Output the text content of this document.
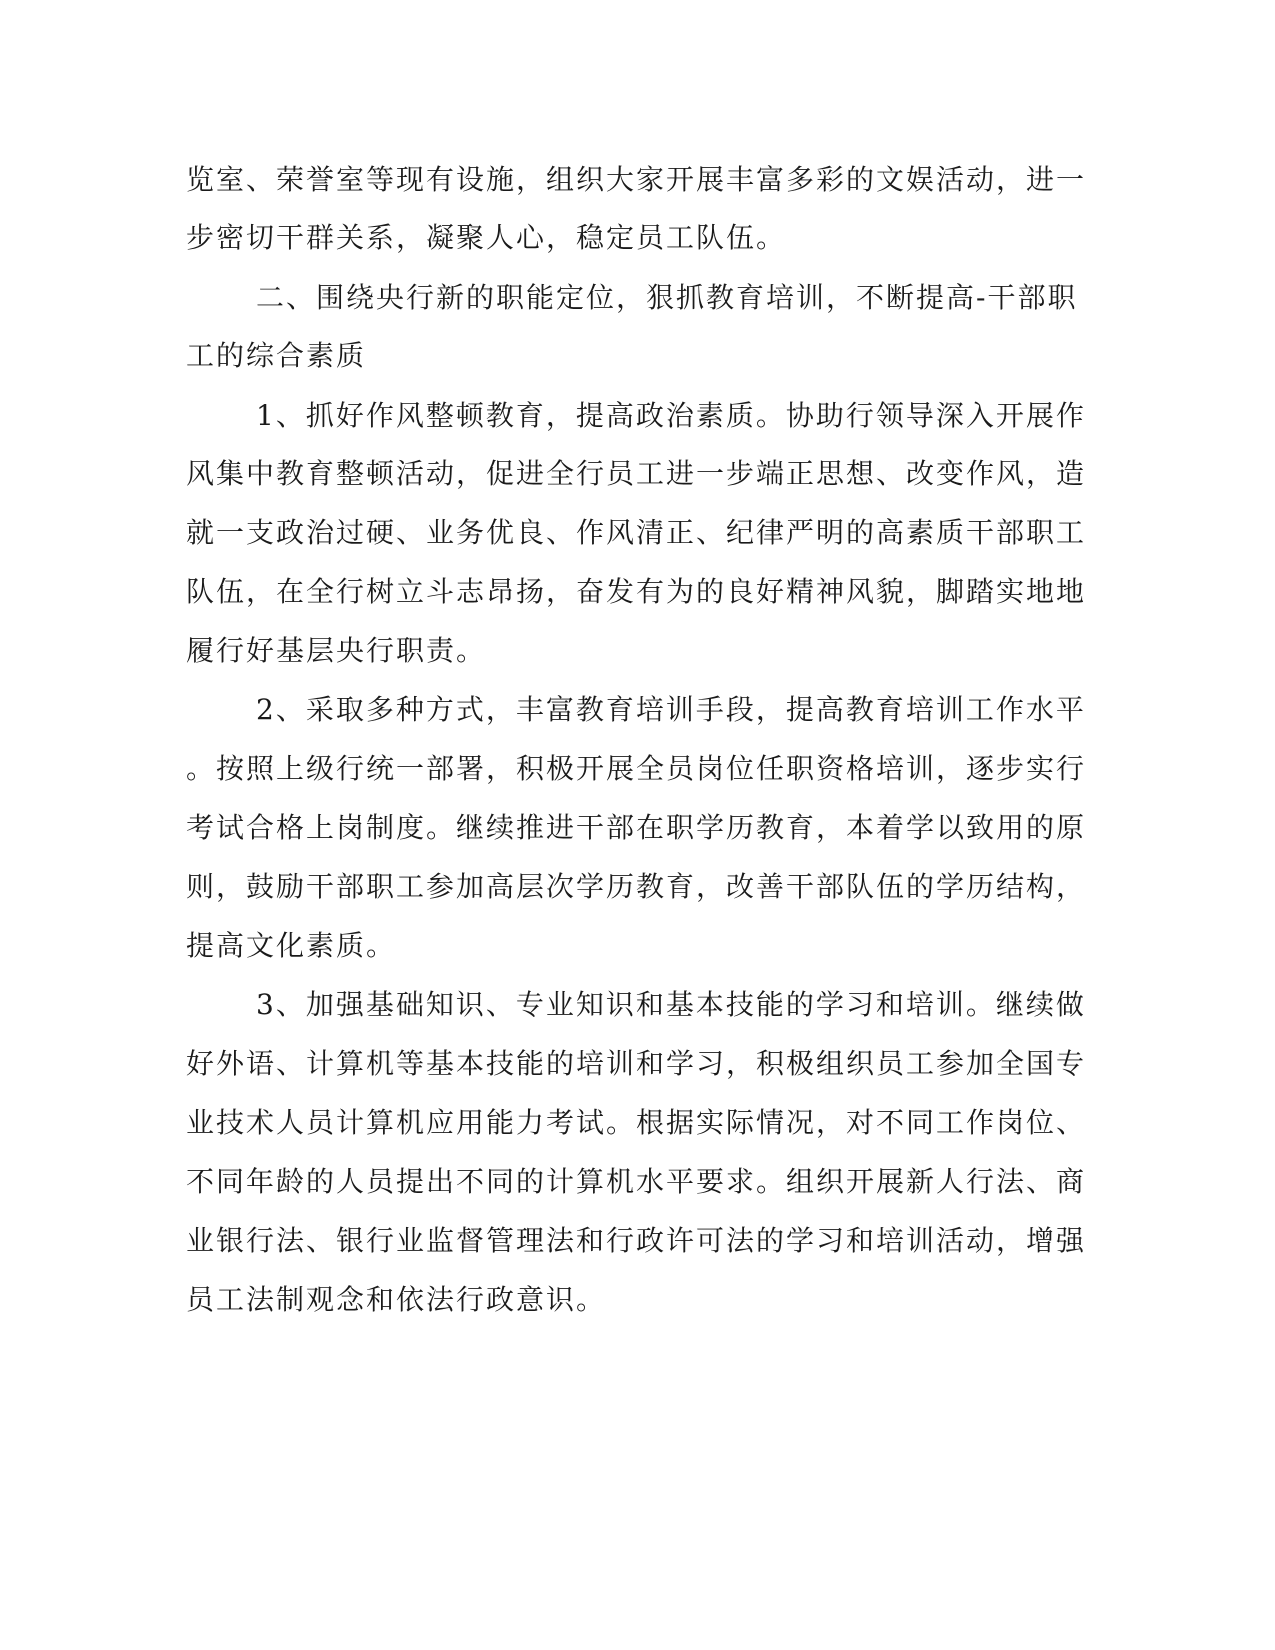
览室、荣誉室等现有设施，组织大家开展丰富多彩的文娱活动，进一
步密切干群关系，凝聚人心，稳定员工队伍。
二、围绕央行新的职能定位，狠抓教育培训，不断提高-干部职
工的综合素质
1、抓好作风整顿教育，提高政治素质。协助行领导深入开展作
风集中教育整顿活动，促进全行员工进一步端正思想、改变作风，造
就一支政治过硬、业务优良、作风清正、纪律严明的高素质干部职工
队伍，在全行树立斗志昂扬，奋发有为的良好精神风貌，脚踏实地地
履行好基层央行职责。
2、采取多种方式，丰富教育培训手段，提高教育培训工作水平
。按照上级行统一部署，积极开展全员岗位任职资格培训，逐步实行
考试合格上岗制度。继续推进干部在职学历教育，本着学以致用的原
则，鼓励干部职工参加高层次学历教育，改善干部队伍的学历结构，
提高文化素质。
3、加强基础知识、专业知识和基本技能的学习和培训。继续做
好外语、计算机等基本技能的培训和学习，积极组织员工参加全国专
业技术人员计算机应用能力考试。根据实际情况，对不同工作岗位、
不同年龄的人员提出不同的计算机水平要求。组织开展新人行法、商
业银行法、银行业监督管理法和行政许可法的学习和培训活动，增强
员工法制观念和依法行政意识。
